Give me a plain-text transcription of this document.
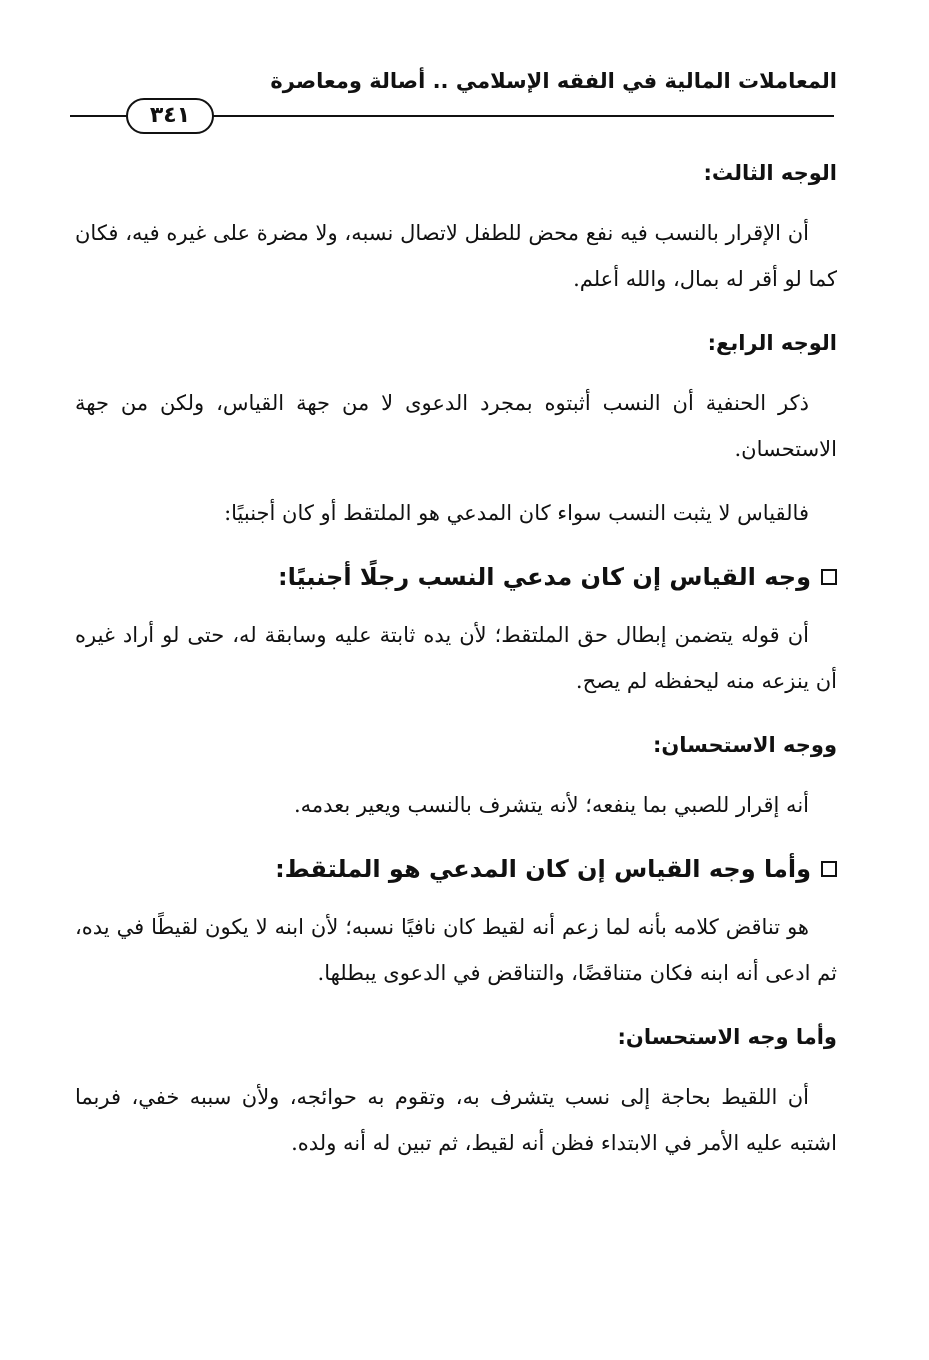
المعاملات المالية في الفقه الإسلامي .. أصالة ومعاصرة
٣٤١
الوجه الثالث:

أن الإقرار بالنسب فيه نفع محض للطفل لاتصال نسبه، ولا مضرة على غيره فيه، فكان كما لو أقر له بمال، والله أعلم.

الوجه الرابع:

ذكر الحنفية أن النسب أثبتوه بمجرد الدعوى لا من جهة القياس، ولكن من جهة الاستحسان.

فالقياس لا يثبت النسب سواء كان المدعي هو الملتقط أو كان أجنبيًا:

وجه القياس إن كان مدعي النسب رجلًا أجنبيًا:

أن قوله يتضمن إبطال حق الملتقط؛ لأن يده ثابتة عليه وسابقة له، حتى لو أراد غيره أن ينزعه منه ليحفظه لم يصح.

ووجه الاستحسان:

أنه إقرار للصبي بما ينفعه؛ لأنه يتشرف بالنسب ويعير بعدمه.

وأما وجه القياس إن كان المدعي هو الملتقط:

هو تناقض كلامه بأنه لما زعم أنه لقيط كان نافيًا نسبه؛ لأن ابنه لا يكون لقيطًا في يده، ثم ادعى أنه ابنه فكان متناقضًا، والتناقض في الدعوى يبطلها.

وأما وجه الاستحسان:

أن اللقيط بحاجة إلى نسب يتشرف به، وتقوم به حوائجه، ولأن سببه خفي، فربما اشتبه عليه الأمر في الابتداء فظن أنه لقيط، ثم تبين له أنه ولده.
